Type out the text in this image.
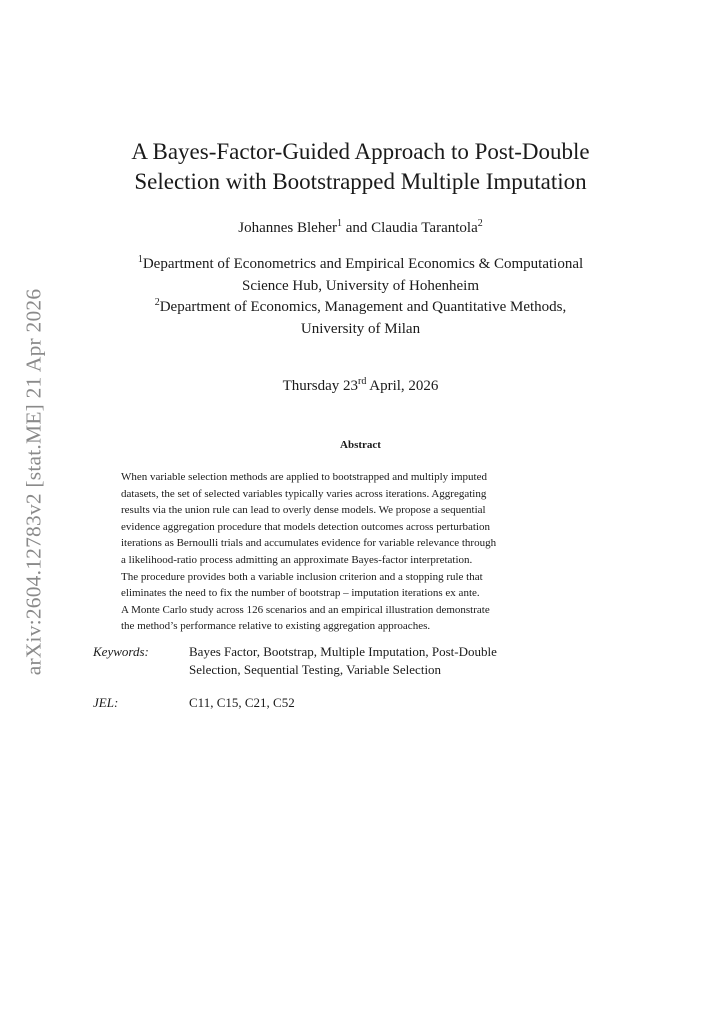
arXiv:2604.12783v2 [stat.ME] 21 Apr 2026
A Bayes-Factor-Guided Approach to Post-Double
Selection with Bootstrapped Multiple Imputation
Johannes Bleher$^1$ and Claudia Tarantola$^2$
$^1$Department of Econometrics and Empirical Economics & Computational
Science Hub, University of Hohenheim
$^2$Department of Economics, Management and Quantitative Methods,
University of Milan
Thursday 23rd April, 2026
Abstract
When variable selection methods are applied to bootstrapped and multiply imputed
datasets, the set of selected variables typically varies across iterations. Aggregating
results via the union rule can lead to overly dense models. We propose a sequential
evidence aggregation procedure that models detection outcomes across perturbation
iterations as Bernoulli trials and accumulates evidence for variable relevance through
a likelihood-ratio process admitting an approximate Bayes-factor interpretation.
The procedure provides both a variable inclusion criterion and a stopping rule that
eliminates the need to fix the number of bootstrap – imputation iterations ex ante.
A Monte Carlo study across 126 scenarios and an empirical illustration demonstrate
the method’s performance relative to existing aggregation approaches.
Keywords:	Bayes Factor, Bootstrap, Multiple Imputation, Post-Double
Selection, Sequential Testing, Variable Selection
JEL:	C11, C15, C21, C52
